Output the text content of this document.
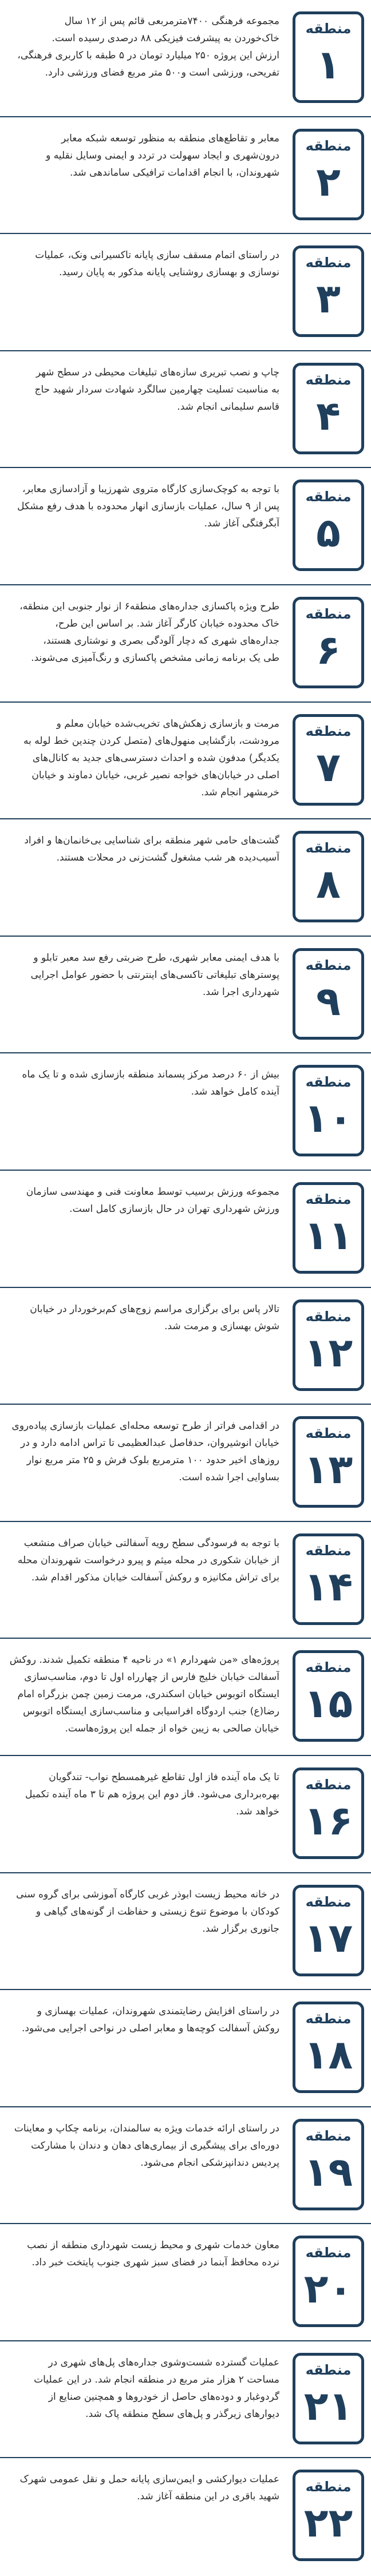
منطقه
۱
مجموعه فرهنگی ۷۴۰۰مترمربعی قائم پس از ۱۲ سال
خاک‌خوردن به پیشرفت فیزیکی ۸۸ درصدی رسیده است.
ارزش این پروژه ۲۵۰ میلیارد تومان در ۵ طبقه با کاربری فرهنگی،
تفریحی، ورزشی است و۵۰۰ متر مربع فضای ورزشی دارد.
منطقه
۲
معابر و تقاطع‌های منطقه به منظور توسعه شبکه معابر
درون‌شهری و ایجاد سهولت در تردد و ایمنی وسایل نقلیه و
شهروندان، با انجام اقدامات ترافیکی ساماندهی شد.
منطقه
۳
در راستای اتمام مسقف سازی پایانه تاکسیرانی ونک، عملیات
نوسازی و بهسازی روشنایی پایانه مذکور به پایان رسید.
منطقه
۴
چاپ و نصب تبریری سازه‌های تبلیغات محیطی در سطح شهر
به مناسبت تسلیت چهارمین سالگرد شهادت سردار شهید حاج
قاسم سلیمانی انجام شد.
منطقه
۵
با توجه به کوچک‌سازی کارگاه متروی شهرزیبا و آزادسازی معابر،
پس از ۹ سال، عملیات بازسازی انهار محدوده با هدف رفع مشکل
آبگرفتگی آغاز شد.
منطقه
۶
طرح ویژه پاکسازی جداره‌های منطقه۶ از نوار جنوبی این منطقه،
خاک محدوده خیابان کارگر آغاز شد. بر اساس این طرح،
جداره‌های شهری که دچار آلودگی بصری و نوشتاری هستند،
طی یک برنامه زمانی مشخص پاکسازی و رنگ‌آمیزی می‌شوند.
منطقه
۷
مرمت و بازسازی زهکش‌های تخریب‌شده خیابان معلم و
مرودشت، بازگشایی منهول‌های (متصل کردن چندین خط لوله به
یکدیگر) مدفون شده و احداث دسترسی‌های جدید به کانال‌های
اصلی در خیابان‌های خواجه نصیر غربی، خیابان دماوند و خیابان
خرمشهر انجام شد.
منطقه
۸
گشت‌های حامی شهر منطقه برای شناسایی بی‌خانمان‌ها و افراد
آسیب‌دیده هر شب مشغول گشت‌زنی در محلات هستند.
منطقه
۹
با هدف ایمنی معابر شهری، طرح ضربتی رفع سد معبر تابلو و
پوسترهای تبلیغاتی تاکسی‌های اینترنتی با حضور عوامل اجرایی
شهرداری اجرا شد.
منطقه
۱۰
بیش از ۶۰ درصد مرکز پسماند منطقه بازسازی شده و تا یک ماه
آینده کامل خواهد شد.
منطقه
۱۱
مجموعه ورزش برسیب توسط معاونت فنی و مهندسی سازمان
ورزش شهرداری تهران در حال بازسازی کامل است.
منطقه
۱۲
تالار پاس برای برگزاری مراسم زوج‌های کم‌برخوردار در خیابان
شوش بهسازی و مرمت شد.
منطقه
۱۳
در اقدامی فراتر از طرح توسعه محله‌ای عملیات بازسازی پیاده‌روی
خیابان انوشیروان، حدفاصل عبدالعظیمی تا تراس ادامه دارد و در
روزهای اخیر حدود ۱۰۰ مترمربع بلوک فرش و ۲۵ متر مربع نوار
بساوایی اجرا شده است.
منطقه
۱۴
با توجه به فرسودگی سطح رویه آسفالتی خیابان صراف منشعب
از خیابان شکوری در محله میثم و پیرو درخواست شهروندان محله
برای تراش مکانیزه و روکش آسفالت خیابان مذکور اقدام شد.
منطقه
۱۵
پروژه‌های «من شهردارم ۱» در ناحیه ۴ منطقه تکمیل شدند. روکش
آسفالت خیابان خلیج فارس از چهارراه اول تا دوم، مناسب‌سازی
ایستگاه اتوبوس خیابان اسکندری، مرمت زمین چمن بزرگراه امام
رضا(ع) جنب اردوگاه افراسیابی و مناسب‌سازی ایستگاه اتوبوس
خیابان صالحی به زیبن خواه از جمله این پروژه‌هاست.
منطقه
۱۶
تا یک ماه آینده فاز اول تقاطع غیرهمسطح نواب- تندگویان
بهره‌برداری می‌شود. فاز دوم این پروژه هم تا ۳ ماه آینده تکمیل
خواهد شد.
منطقه
۱۷
در خانه محیط زیست ابوذر غربی کارگاه آموزشی برای گروه سنی
کودکان با موضوع تنوع زیستی و حفاظت از گونه‌های گیاهی و
جانوری برگزار شد.
منطقه
۱۸
در راستای افزایش رضایتمندی شهروندان، عملیات بهسازی و
روکش آسفالت کوچه‌ها و معابر اصلی در نواحی اجرایی می‌شود.
منطقه
۱۹
در راستای ارائه خدمات ویژه به سالمندان، برنامه چکاپ و معاینات
دوره‌ای برای پیشگیری از بیماری‌های دهان و دندان با مشارکت
پردیس دندانپزشکی انجام می‌شود.
منطقه
۲۰
معاون خدمات شهری و محیط زیست شهرداری منطقه از نصب
نرده محافظ آبنما در فضای سبز شهری جنوب پایتخت خبر داد.
منطقه
۲۱
عملیات گسترده شست‌وشوی جداره‌های پل‌های شهری در
مساحت ۲ هزار متر مربع در منطقه انجام شد. در این عملیات
گردوغبار و دوده‌های حاصل از خودروها و همچنین صنایع از
دیوارهای زیرگذر و پل‌های سطح منطقه پاک شد.
منطقه
۲۲
عملیات دیوارکشی و ایمن‌سازی پایانه حمل و نقل عمومی شهرک
شهید باقری در این منطقه آغاز شد.
